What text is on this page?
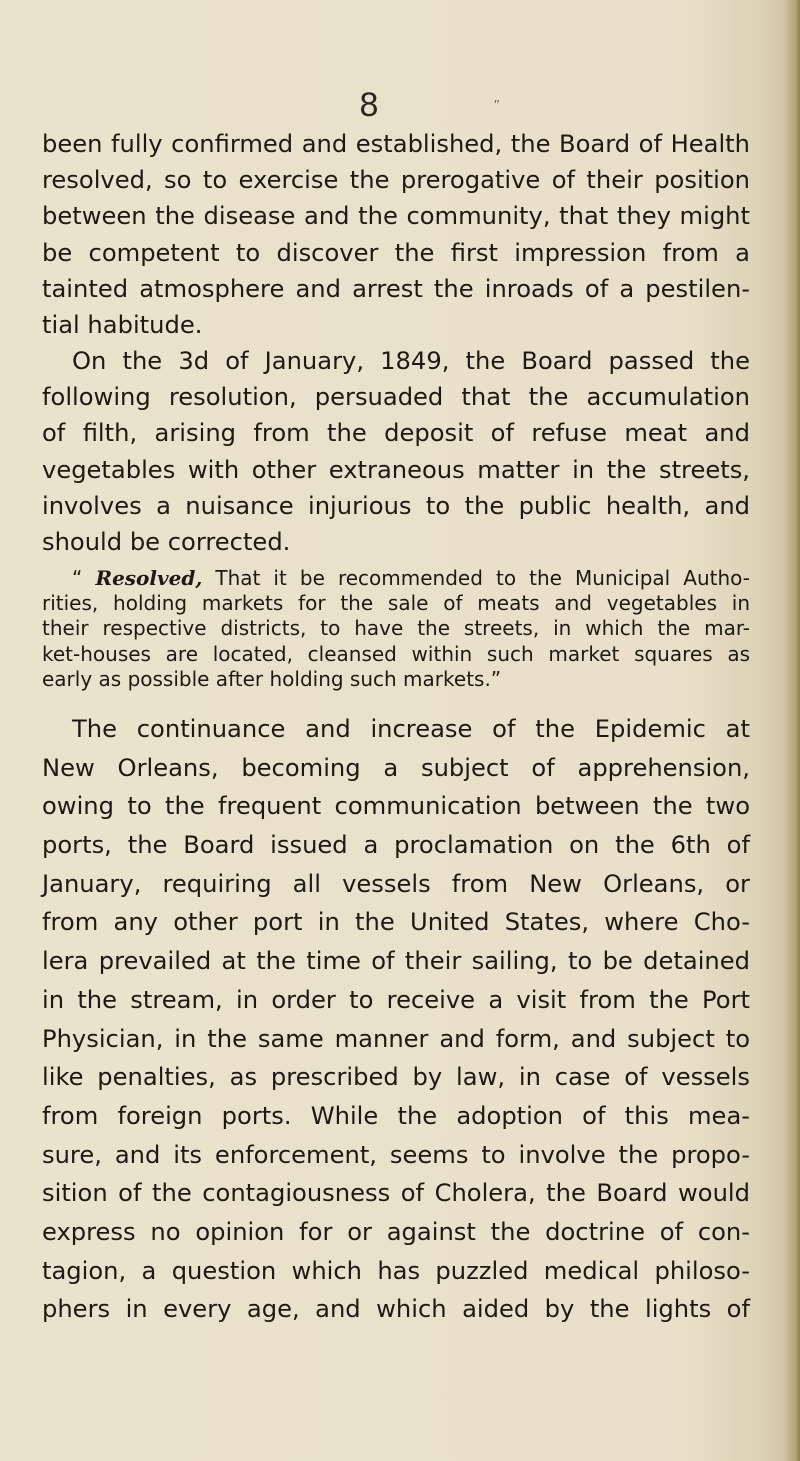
8	″

been fully confirmed and established, the Board of Health
resolved, so to exercise the prerogative of their position
between the disease and the community, that they might
be competent to discover the first impression from a
tainted atmosphere and arrest the inroads of a pestilen-
tial habitude.

On the 3d of January, 1849, the Board passed the
following resolution, persuaded that the accumulation
of filth, arising from the deposit of refuse meat and
vegetables with other extraneous matter in the streets,
involves a nuisance injurious to the public health, and
should be corrected.

“ Resolved, That it be recommended to the Municipal Autho-
rities, holding markets for the sale of meats and vegetables in
their respective districts, to have the streets, in which the mar-
ket-houses are located, cleansed within such market squares as
early as possible after holding such markets.”

The continuance and increase of the Epidemic at
New Orleans, becoming a subject of apprehension,
owing to the frequent communication between the two
ports, the Board issued a proclamation on the 6th of
January, requiring all vessels from New Orleans, or
from any other port in the United States, where Cho-
lera prevailed at the time of their sailing, to be detained
in the stream, in order to receive a visit from the Port
Physician, in the same manner and form, and subject to
like penalties, as prescribed by law, in case of vessels
from foreign ports. While the adoption of this mea-
sure, and its enforcement, seems to involve the propo-
sition of the contagiousness of Cholera, the Board would
express no opinion for or against the doctrine of con-
tagion, a question which has puzzled medical philoso-
phers in every age, and which aided by the lights of
